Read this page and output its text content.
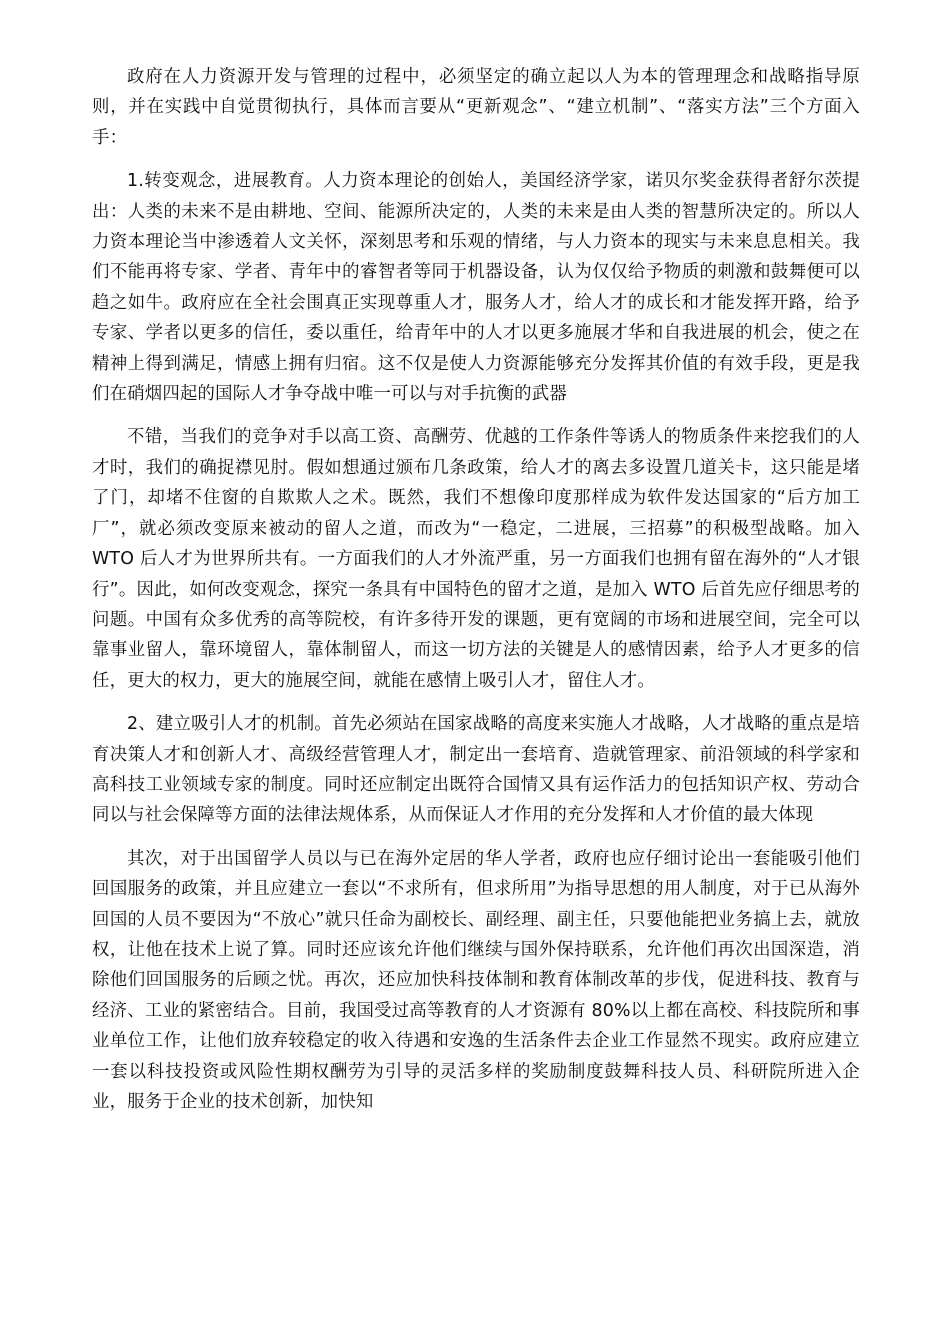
政府在人力资源开发与管理的过程中，必须坚定的确立起以人为本的管理理念和战略指导原则，并在实践中自觉贯彻执行，具体而言要从“更新观念”、“建立机制”、“落实方法”三个方面入手：

1.转变观念，进展教育。人力资本理论的创始人，美国经济学家，诺贝尔奖金获得者舒尔茨提出：人类的未来不是由耕地、空间、能源所决定的，人类的未来是由人类的智慧所决定的。所以人力资本理论当中渗透着人文关怀，深刻思考和乐观的情绪，与人力资本的现实与未来息息相关。我们不能再将专家、学者、青年中的睿智者等同于机器设备，认为仅仅给予物质的刺激和鼓舞便可以趋之如牛。政府应在全社会围真正实现尊重人才，服务人才，给人才的成长和才能发挥开路，给予专家、学者以更多的信任，委以重任，给青年中的人才以更多施展才华和自我进展的机会，使之在精神上得到满足，情感上拥有归宿。这不仅是使人力资源能够充分发挥其价值的有效手段，更是我们在硝烟四起的国际人才争夺战中唯一可以与对手抗衡的武器

不错，当我们的竞争对手以高工资、高酬劳、优越的工作条件等诱人的物质条件来挖我们的人才时，我们的确捉襟见肘。假如想通过颁布几条政策，给人才的离去多设置几道关卡，这只能是堵了门，却堵不住窗的自欺欺人之术。既然，我们不想像印度那样成为软件发达国家的“后方加工厂”，就必须改变原来被动的留人之道，而改为“一稳定，二进展，三招募”的积极型战略。加入 WTO 后人才为世界所共有。一方面我们的人才外流严重，另一方面我们也拥有留在海外的“人才银行”。因此，如何改变观念，探究一条具有中国特色的留才之道，是加入 WTO 后首先应仔细思考的问题。中国有众多优秀的高等院校，有许多待开发的课题，更有宽阔的市场和进展空间，完全可以靠事业留人，靠环境留人，靠体制留人，而这一切方法的关键是人的感情因素，给予人才更多的信任，更大的权力，更大的施展空间，就能在感情上吸引人才，留住人才。

2、建立吸引人才的机制。首先必须站在国家战略的高度来实施人才战略，人才战略的重点是培育决策人才和创新人才、高级经营管理人才，制定出一套培育、造就管理家、前沿领域的科学家和高科技工业领域专家的制度。同时还应制定出既符合国情又具有运作活力的包括知识产权、劳动合同以与社会保障等方面的法律法规体系，从而保证人才作用的充分发挥和人才价值的最大体现

其次，对于出国留学人员以与已在海外定居的华人学者，政府也应仔细讨论出一套能吸引他们回国服务的政策，并且应建立一套以“不求所有，但求所用”为指导思想的用人制度，对于已从海外回国的人员不要因为“不放心”就只任命为副校长、副经理、副主任，只要他能把业务搞上去，就放权，让他在技术上说了算。同时还应该允许他们继续与国外保持联系，允许他们再次出国深造，消除他们回国服务的后顾之忧。再次，还应加快科技体制和教育体制改革的步伐，促进科技、教育与经济、工业的紧密结合。目前，我国受过高等教育的人才资源有 80%以上都在高校、科技院所和事业单位工作，让他们放弃较稳定的收入待遇和安逸的生活条件去企业工作显然不现实。政府应建立一套以科技投资或风险性期权酬劳为引导的灵活多样的奖励制度鼓舞科技人员、科研院所进入企业，服务于企业的技术创新，加快知
